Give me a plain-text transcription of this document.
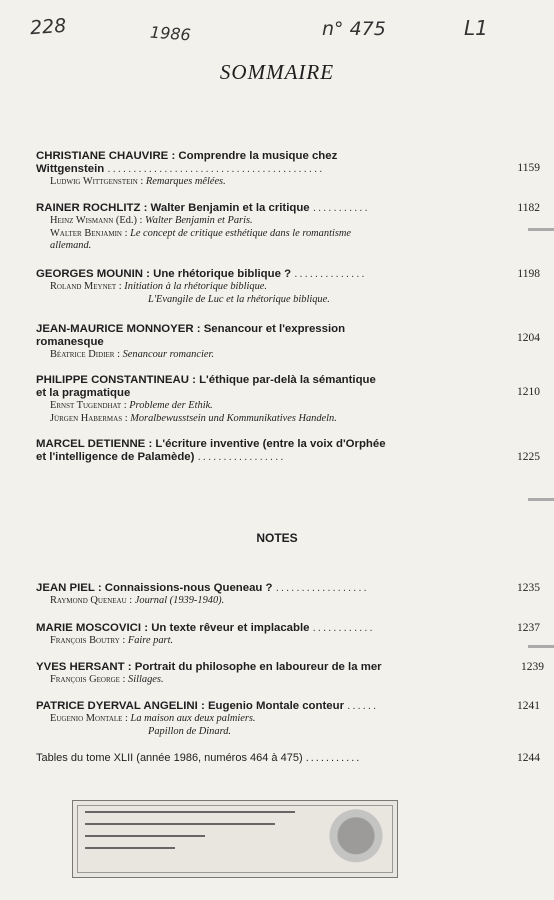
228	1986	n° 475	L1
SOMMAIRE
CHRISTIANE CHAUVIRE : Comprendre la musique chez
Wittgenstein ..........................................	1159
Ludwig Wittgenstein : Remarques mêlées.
RAINER ROCHLITZ : Walter Benjamin et la critique ...........	1182
Heinz Wismann (Ed.) : Walter Benjamin et Paris.
Walter Benjamin : Le concept de critique esthétique dans le romantisme
allemand.
GEORGES MOUNIN : Une rhétorique biblique ? ..............	1198
Roland Meynet : Initiation à la rhétorique biblique.
L'Evangile de Luc et la rhétorique biblique.
JEAN-MAURICE MONNOYER : Senancour et l'expression
romanesque	1204
Béatrice Didier : Senancour romancier.
PHILIPPE CONSTANTINEAU : L'éthique par-delà la sémantique
et la pragmatique	1210
Ernst Tugendhat : Probleme der Ethik.
Jürgen Habermas : Moralbewusstsein und Kommunikatives Handeln.
MARCEL DETIENNE : L'écriture inventive (entre la voix d'Orphée
et l'intelligence de Palamède) .................	1225
NOTES
JEAN PIEL : Connaissions-nous Queneau ? ..................	1235
Raymond Queneau : Journal (1939-1940).
MARIE MOSCOVICI : Un texte rêveur et implacable ............	1237
François Boutry : Faire part.
YVES HERSANT : Portrait du philosophe en laboureur de la mer	1239
François George : Sillages.
PATRICE DYERVAL ANGELINI : Eugenio Montale conteur ......	1241
Eugenio Montale : La maison aux deux palmiers.
Papillon de Dinard.
Tables du tome XLII (année 1986, numéros 464 à 475) ...........	1244
